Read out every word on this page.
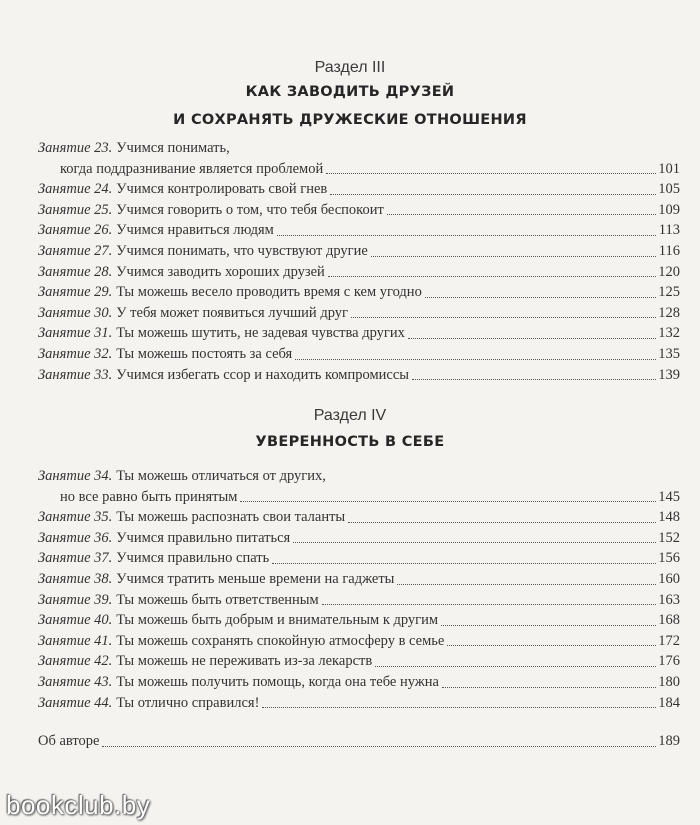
Раздел III
КАК ЗАВОДИТЬ ДРУЗЕЙ
И СОХРАНЯТЬ ДРУЖЕСКИЕ ОТНОШЕНИЯ
Занятие 23. Учимся понимать,
когда поддразнивание является проблемой	101
Занятие 24. Учимся контролировать свой гнев	105
Занятие 25. Учимся говорить о том, что тебя беспокоит	109
Занятие 26. Учимся нравиться людям	113
Занятие 27. Учимся понимать, что чувствуют другие	116
Занятие 28. Учимся заводить хороших друзей	120
Занятие 29. Ты можешь весело проводить время с кем угодно	125
Занятие 30. У тебя может появиться лучший друг	128
Занятие 31. Ты можешь шутить, не задевая чувства других	132
Занятие 32. Ты можешь постоять за себя	135
Занятие 33. Учимся избегать ссор и находить компромиссы	139
Раздел IV
УВЕРЕННОСТЬ В СЕБЕ
Занятие 34. Ты можешь отличаться от других,
но все равно быть принятым	145
Занятие 35. Ты можешь распознать свои таланты	148
Занятие 36. Учимся правильно питаться	152
Занятие 37. Учимся правильно спать	156
Занятие 38. Учимся тратить меньше времени на гаджеты	160
Занятие 39. Ты можешь быть ответственным	163
Занятие 40. Ты можешь быть добрым и внимательным к другим	168
Занятие 41. Ты можешь сохранять спокойную атмосферу в семье	172
Занятие 42. Ты можешь не переживать из-за лекарств	176
Занятие 43. Ты можешь получить помощь, когда она тебе нужна	180
Занятие 44. Ты отлично справился!	184
Об авторе	189
bookclub.by
